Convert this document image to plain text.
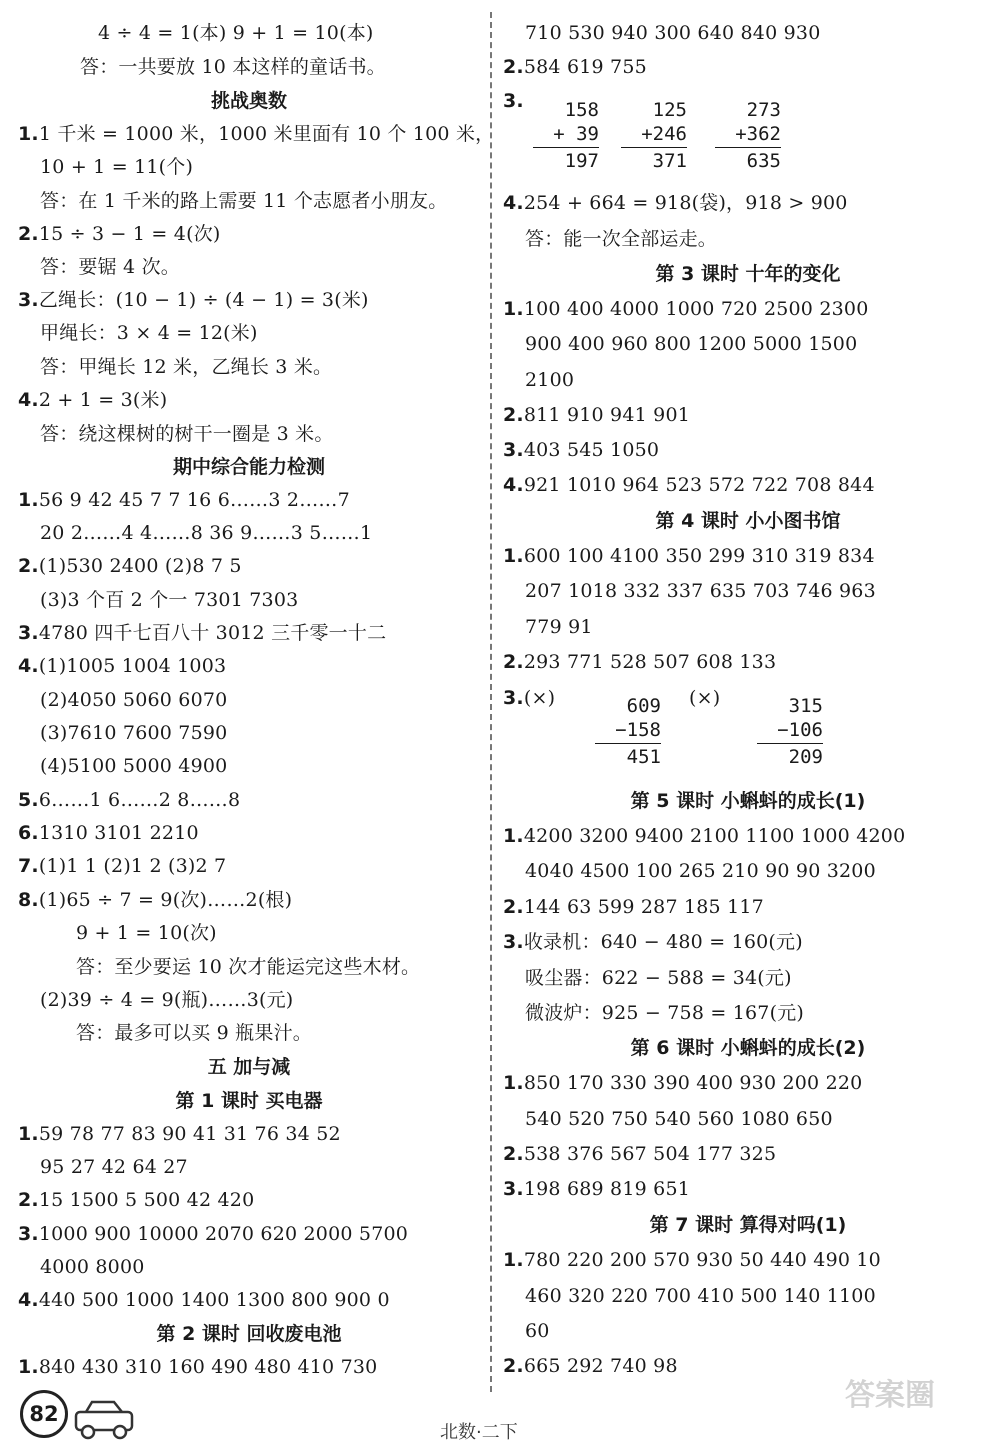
4 ÷ 4 = 1(本) 9 + 1 = 10(本)
答：一共要放 10 本这样的童话书。
挑战奥数
1.1 千米 = 1000 米，1000 米里面有 10 个 100 米，
10 + 1 = 11(个)
答：在 1 千米的路上需要 11 个志愿者小朋友。
2.15 ÷ 3 − 1 = 4(次)
答：要锯 4 次。
3.乙绳长：(10 − 1) ÷ (4 − 1) = 3(米)
甲绳长：3 × 4 = 12(米)
答：甲绳长 12 米，乙绳长 3 米。
4.2 + 1 = 3(米)
答：绕这棵树的树干一圈是 3 米。
期中综合能力检测
1.56 9 42 45 7 7 16 6……3 2……7
20 2……4 4……8 36 9……3 5……1
2.(1)530 2400 (2)8 7 5
(3)3 个百 2 个一 7301 7303
3.4780 四千七百八十 3012 三千零一十二
4.(1)1005 1004 1003
(2)4050 5060 6070
(3)7610 7600 7590
(4)5100 5000 4900
5.6……1 6……2 8……8
6.1310 3101 2210
7.(1)1 1 (2)1 2 (3)2 7
8.(1)65 ÷ 7 = 9(次)……2(根)
9 + 1 = 10(次)
答：至少要运 10 次才能运完这些木材。
(2)39 ÷ 4 = 9(瓶)……3(元)
答：最多可以买 9 瓶果汁。
五 加与减
第 1 课时 买电器
1.59 78 77 83 90 41 31 76 34 52
95 27 42 64 27
2.15 1500 5 500 42 420
3.1000 900 10000 2070 620 2000 5700
4000 8000
4.440 500 1000 1400 1300 800 900 0
第 2 课时 回收废电池
1.840 430 310 160 490 480 410 730
710 530 940 300 640 840 930
2.584 619 755
3.	158
+ 39
197
125
+246
371
273
+362
635
4.254 + 664 = 918(袋)，918 > 900
答：能一次全部运走。
第 3 课时 十年的变化
1.100 400 4000 1000 720 2500 2300
900 400 960 800 1200 5000 1500
2100
2.811 910 941 901
3.403 545 1050
4.921 1010 964 523 572 722 708 844
第 4 课时 小小图书馆
1.600 100 4100 350 299 310 319 834
207 1018 332 337 635 703 746 963
779 91
2.293 771 528 507 608 133
3.(×)	609
−158
451
(×)	315
−106
209
第 5 课时 小蝌蚪的成长(1)
1.4200 3200 9400 2100 1100 1000 4200
4040 4500 100 265 210 90 90 3200
2.144 63 599 287 185 117
3.收录机：640 − 480 = 160(元)
吸尘器：622 − 588 = 34(元)
微波炉：925 − 758 = 167(元)
第 6 课时 小蝌蚪的成长(2)
1.850 170 330 390 400 930 200 220
540 520 750 540 560 1080 650
2.538 376 567 504 177 325
3.198 689 819 651
第 7 课时 算得对吗(1)
1.780 220 200 570 930 50 440 490 10
460 320 220 700 410 500 140 1100
60
2.665 292 740 98
82
北数·二下
答案圈
